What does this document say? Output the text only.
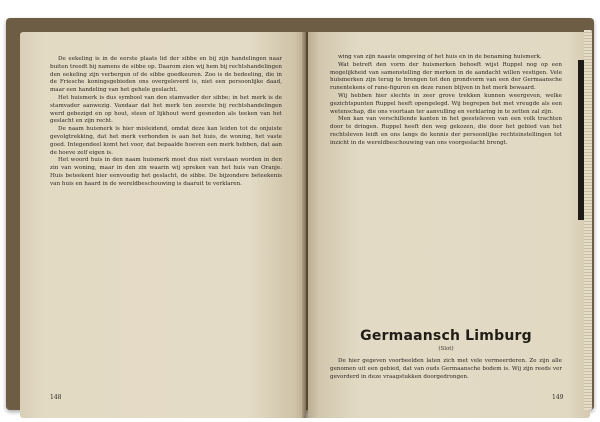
De eekeling is in de eerste plaats lid der sibbe en bij zijn handelingen naar buiten treedt hij namens de sibbe op. Daarom zien wij hem bij rechtshandelingen den eekeling zijn verbergen of de sibbe goedkeuren. Zoo is de bedeeling, die in de Friesche koningsgebieden ons overgeleverd is, niet een persoonlijke daad, maar een handeling van het gehele geslacht.

Het huismerk is dus symbool van den stamvader der sibbe; in het merk is de stamvader aanwezig. Vandaar dat het merk ten zeerste bij rechtshandelingen werd gebezigd en op hout, steen of lijkhout werd gesneden als teeken van het geslacht en zijn recht.

De naam huismerk is hier misleidend, omdat deze kan leiden tot de onjuiste gevolgtrekking, dat het merk verbonden is aan het huis, de woning, het vaste goed. Integendeel komt het voor, dat bepaalde hoeven een merk hebben, dat aan de hoeve zelf eigen is.

Het woord huis in den naam huismerk moet dus niet verstaan worden in den zin van woning, maar in den zin waarin wij spreken van het huis van Oranje. Huis beteekent hier eenvoudig het geslacht, de sibbe. De bijzondere beteekenis van huis en haard in de wereldbeschouwing is daaruit te verklaren.

148

wing van zijn naaste omgeving of het huis en in de benaming huismerk.

Wat betreft den vorm der huismerken behoeft wijst Ruppel nog op een mogelijkheid van samenstelling der merken in de aandacht willen vestigen. Vele huismerken zijn terug te brengen tot den grondvorm van een der Germaansche runentekens of rune-figuren en deze runen blijven in het merk bewaard.

Wij hebben hier slechts in zeer grove trekken kunnen weergeven, welke gezichtspunten Ruppel heeft opengelegd. Wij begrepen het met vreugde als een wetenschap, die ons voortaan ter aanvulling en verklaring in te zetten zal zijn.

Men kan van verschillende kanten in het geesteleven van een volk trachten door te dringen. Ruppel heeft den weg gekozen, die door het gebied van het rechtsleven leidt en ons langs de kennis der persoonlijke rechtsinstellingen tot inzicht in de wereldbeschouwing van ons voorgeslacht brengt.

Germaansch Limburg
(Slot)

De hier gegeven voorbeelden laten zich met vele vermeerderen. Ze zijn alle genomen uit een gebied, dat van ouds Germaansche bodem is. Wij zijn reeds ver gevorderd in deze vraagstukken doorgedrongen.

149
